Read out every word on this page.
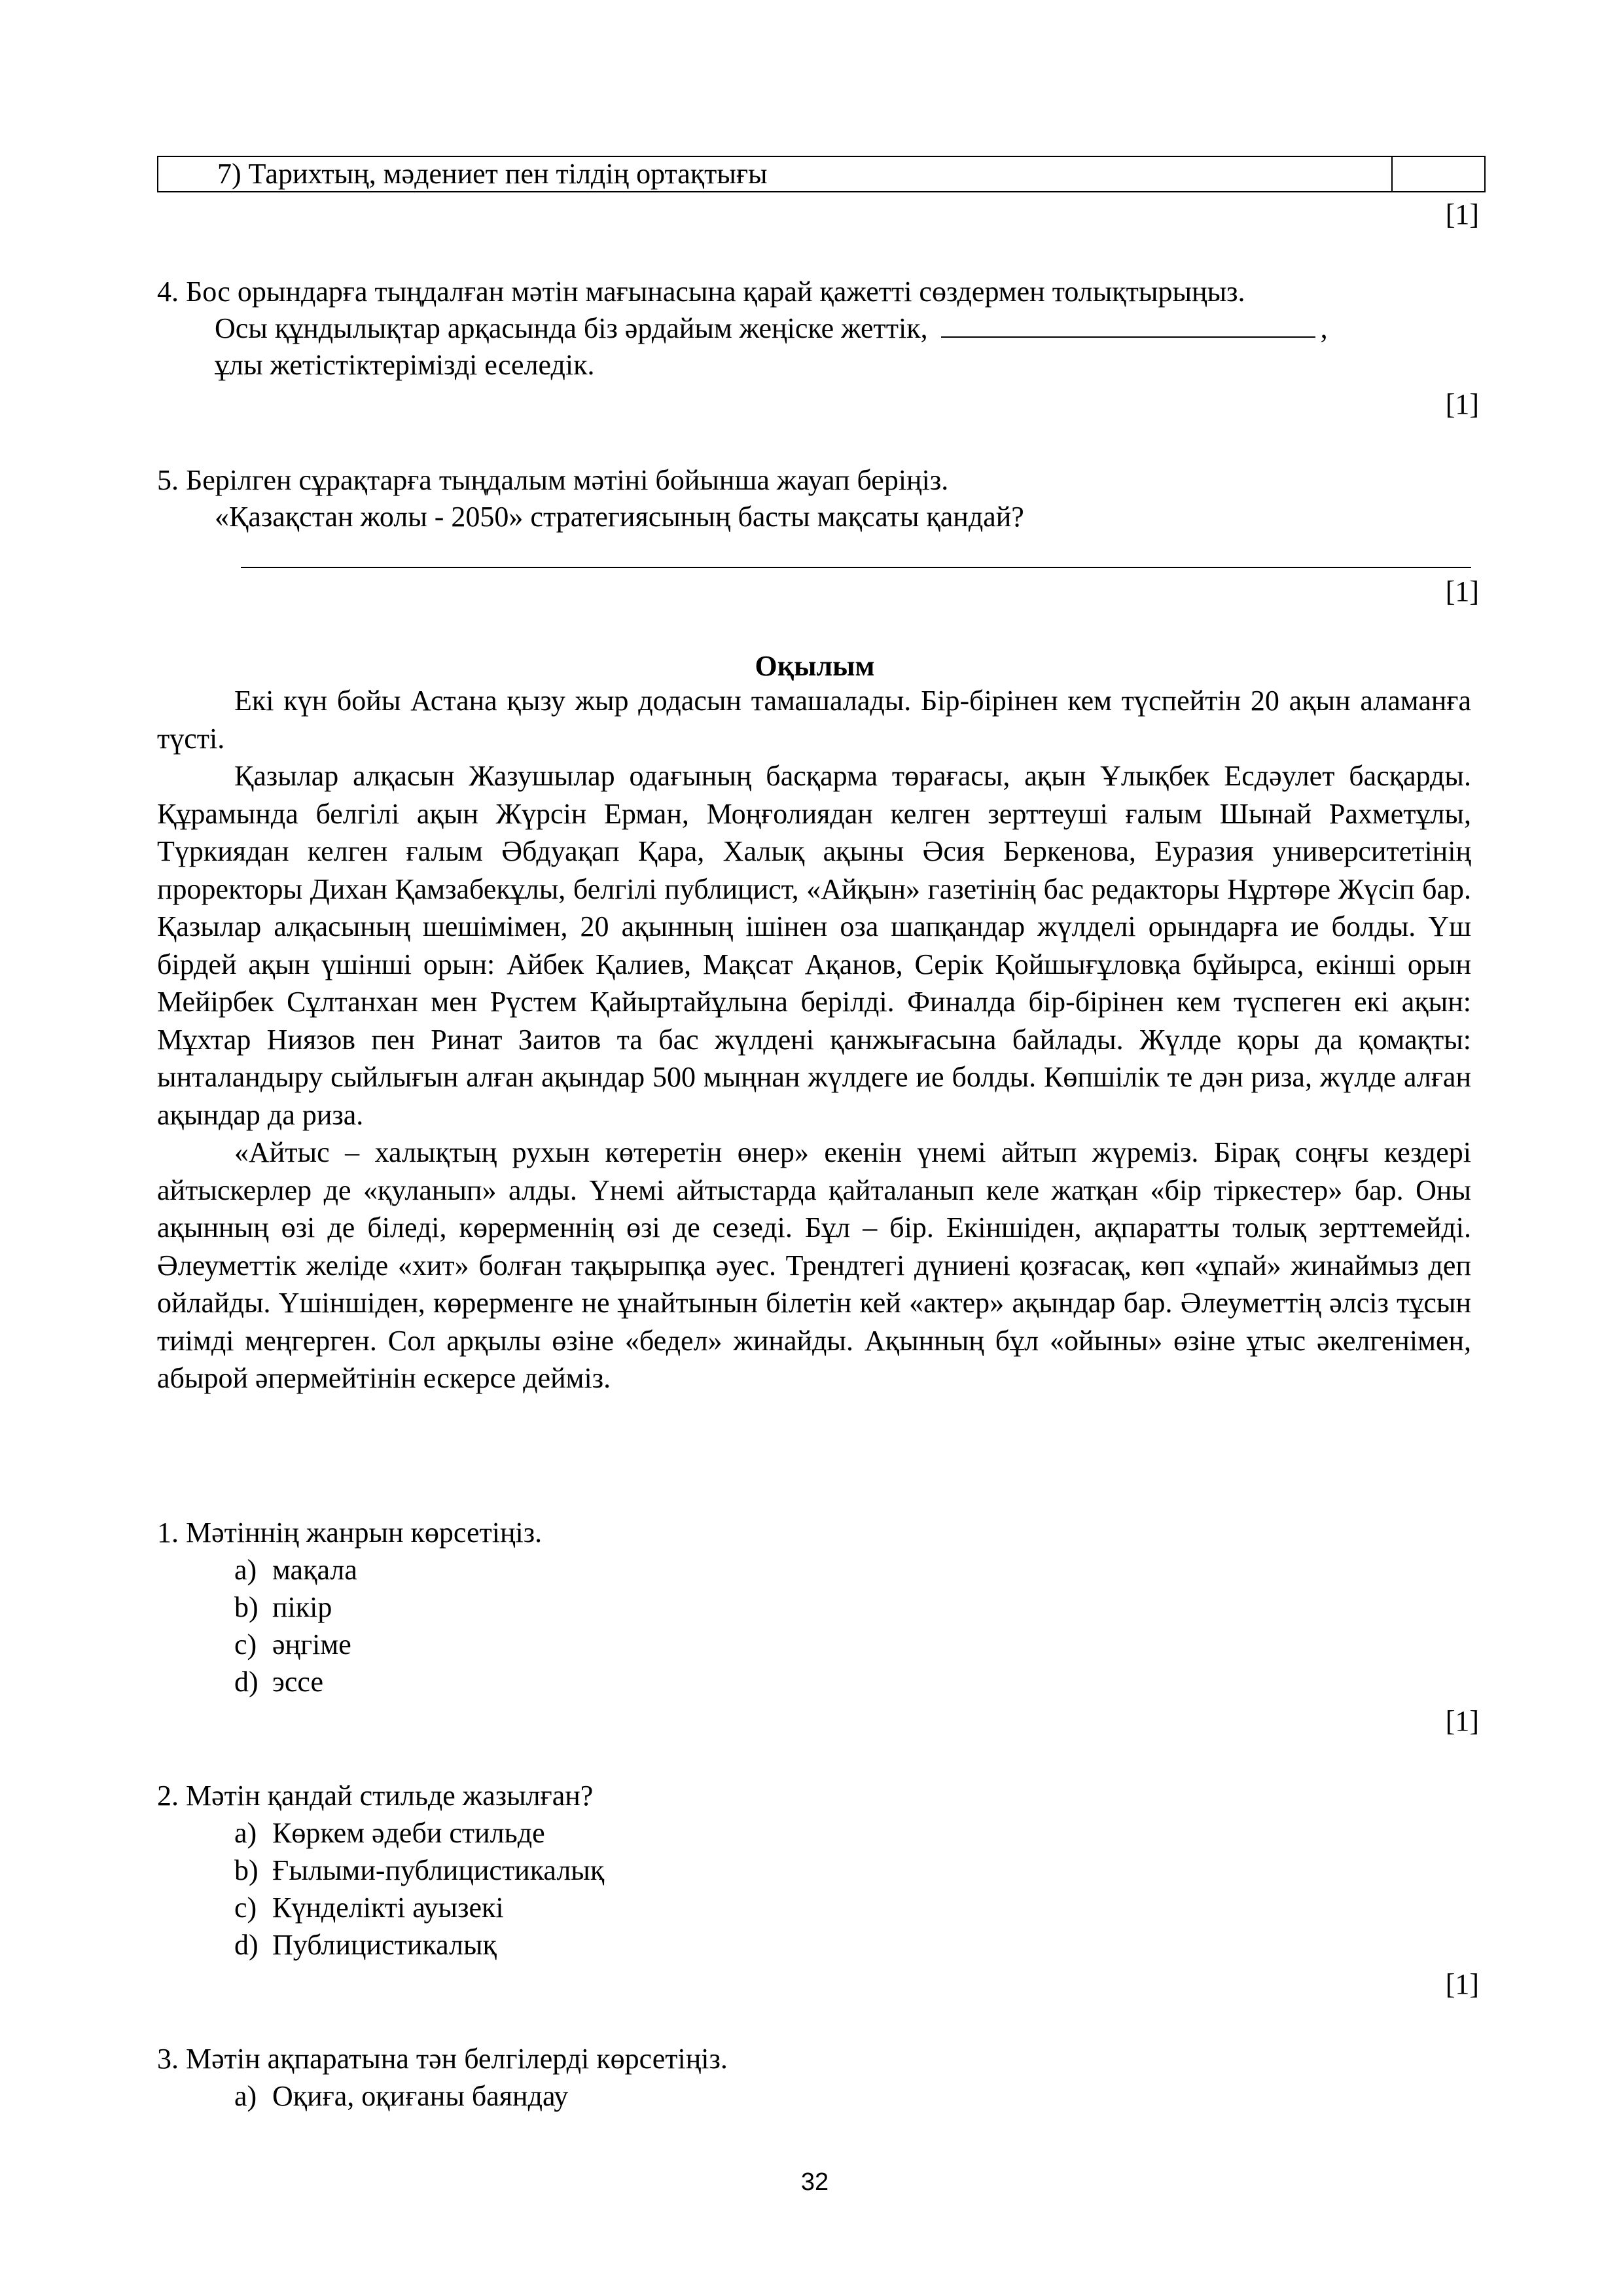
7) Тарихтың, мәдениет пен тілдің ортақтығы
[1]
4. Бос орындарға тыңдалған мәтін мағынасына қарай қажетті сөздермен толықтырыңыз.
Осы құндылықтар арқасында біз әрдайым жеңіске жеттік,	,
ұлы жетістіктерімізді еселедік.
[1]
5. Берілген сұрақтарға тыңдалым мәтіні бойынша жауап беріңіз.
«Қазақстан жолы - 2050» стратегиясының басты мақсаты қандай?
[1]
Оқылым

Екі күн бойы Астана қызу жыр додасын тамашалады. Бір-бірінен кем түспейтін 20 ақын аламанға түсті.

Қазылар алқасын Жазушылар одағының басқарма төрағасы, ақын Ұлықбек Есдәулет басқарды. Құрамында белгілі ақын Жүрсін Ерман, Моңғолиядан келген зерттеуші ғалым Шынай Рахметұлы, Түркиядан келген ғалым Әбдуақап Қара, Халық ақыны Әсия Беркенова, Еуразия университетінің проректоры Дихан Қамзабекұлы, белгілі публицист, «Айқын» газетінің бас редакторы Нұртөре Жүсіп бар. Қазылар алқасының шешімімен, 20 ақынның ішінен оза шапқандар жүлделі орындарға ие болды. Үш бірдей ақын үшінші орын: Айбек Қалиев, Мақсат Ақанов, Серік Қойшығұловқа бұйырса, екінші орын Мейірбек Сұлтанхан мен Рүстем Қайыртайұлына берілді. Финалда бір-бірінен кем түспеген екі ақын: Мұхтар Ниязов пен Ринат Заитов та бас жүлдені қанжығасына байлады. Жүлде қоры да қомақты: ынталандыру сыйлығын алған ақындар 500 мыңнан жүлдеге ие болды. Көпшілік те дән риза, жүлде алған ақындар да риза.

«Айтыс – халықтың рухын көтеретін өнер» екенін үнемі айтып жүреміз. Бірақ соңғы кездері айтыскерлер де «қуланып» алды. Үнемі айтыстарда қайталанып келе жатқан «бір тіркестер» бар. Оны ақынның өзі де біледі, көрерменнің өзі де сезеді. Бұл – бір. Екіншіден, ақпаратты толық зерттемейді. Әлеуметтік желіде «хит» болған тақырыпқа әуес. Трендтегі дүниені қозғасақ, көп «ұпай» жинаймыз деп ойлайды. Үшіншіден, көрерменге не ұнайтынын білетін кей «актер» ақындар бар. Әлеуметтің әлсіз тұсын тиімді меңгерген. Сол арқылы өзіне «бедел» жинайды. Ақынның бұл «ойыны» өзіне ұтыс әкелгенімен, абырой әпермейтінін ескерсе дейміз.

1. Мәтіннің жанрын көрсетіңіз.
a) мақала
b) пікір
c) әңгіме
d) эссе
[1]
2. Мәтін қандай стильде жазылған?
a) Көркем әдеби стильде
b) Ғылыми-публицистикалық
c) Күнделікті ауызекі
d) Публицистикалық
[1]
3. Мәтін ақпаратына тән белгілерді көрсетіңіз.
a) Оқиға, оқиғаны баяндау
32
